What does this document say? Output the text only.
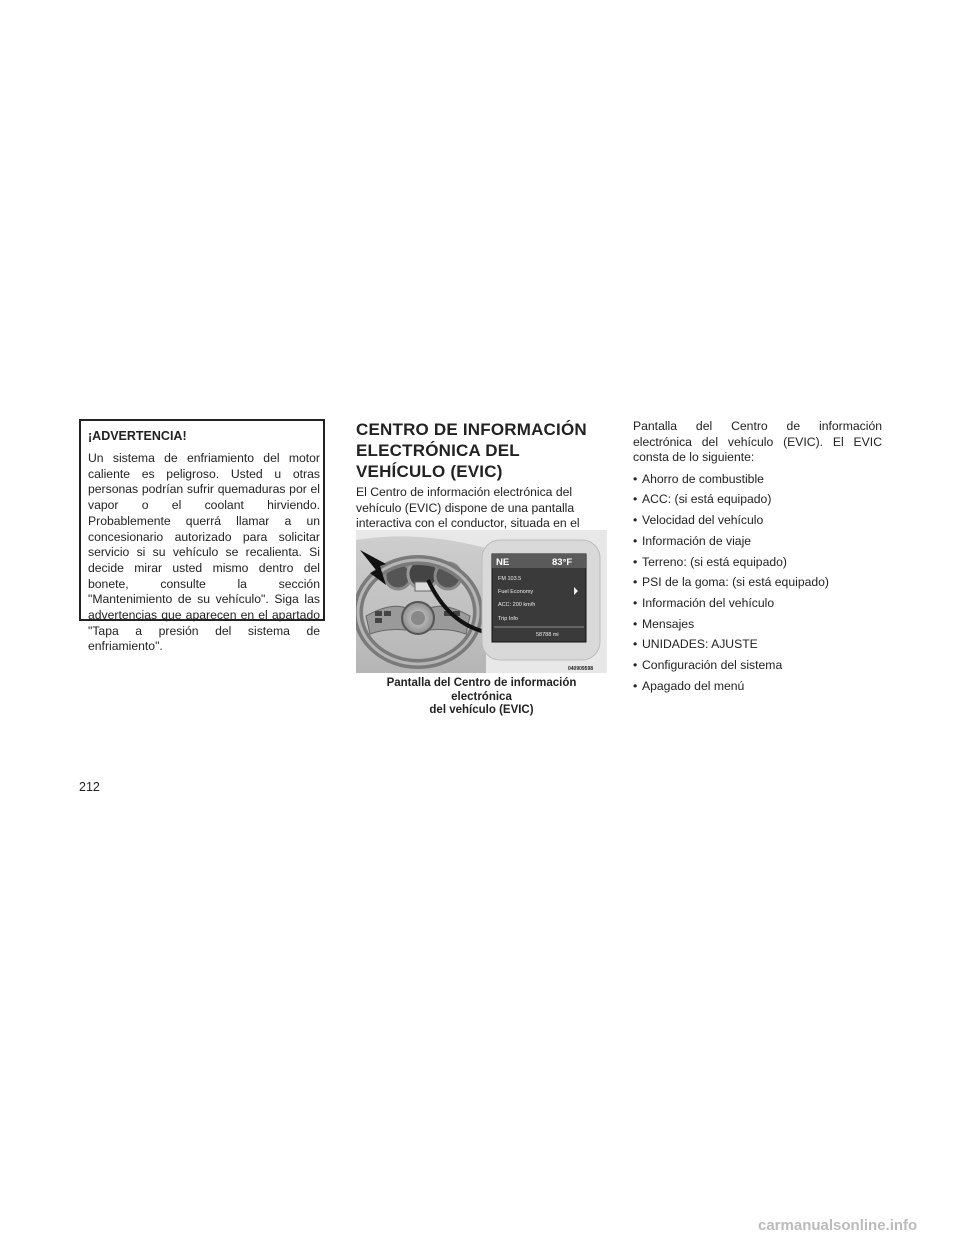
¡ADVERTENCIA!

Un sistema de enfriamiento del motor caliente es peligroso. Usted u otras personas podrían sufrir quemaduras por el vapor o el coolant hirviendo. Probablemente querrá llamar a un concesionario autorizado para solicitar servicio si su vehículo se recalienta. Si decide mirar usted mismo dentro del bonete, consulte la sección "Mantenimiento de su vehículo". Siga las advertencias que aparecen en el apartado "Tapa a presión del sistema de enfriamiento".

CENTRO DE INFORMACIÓN
ELECTRÓNICA DEL
VEHÍCULO (EVIC)

El Centro de información electrónica del vehículo (EVIC) dispone de una pantalla interactiva con el conductor, situada en el

NE	83°F
FM 103.5
Fuel Economy
ACC: 200 km/h
Trip Info
58788 mi
040909598
Pantalla del Centro de información electrónica
del vehículo (EVIC)

Pantalla del Centro de información electrónica del vehículo (EVIC). El EVIC consta de lo siguiente:

• Ahorro de combustible
• ACC: (si está equipado)
• Velocidad del vehículo
• Información de viaje
• Terreno: (si está equipado)
• PSI de la goma: (si está equipado)
• Información del vehículo
• Mensajes
• UNIDADES: AJUSTE
• Configuración del sistema
• Apagado del menú
212
carmanualsonline.info
